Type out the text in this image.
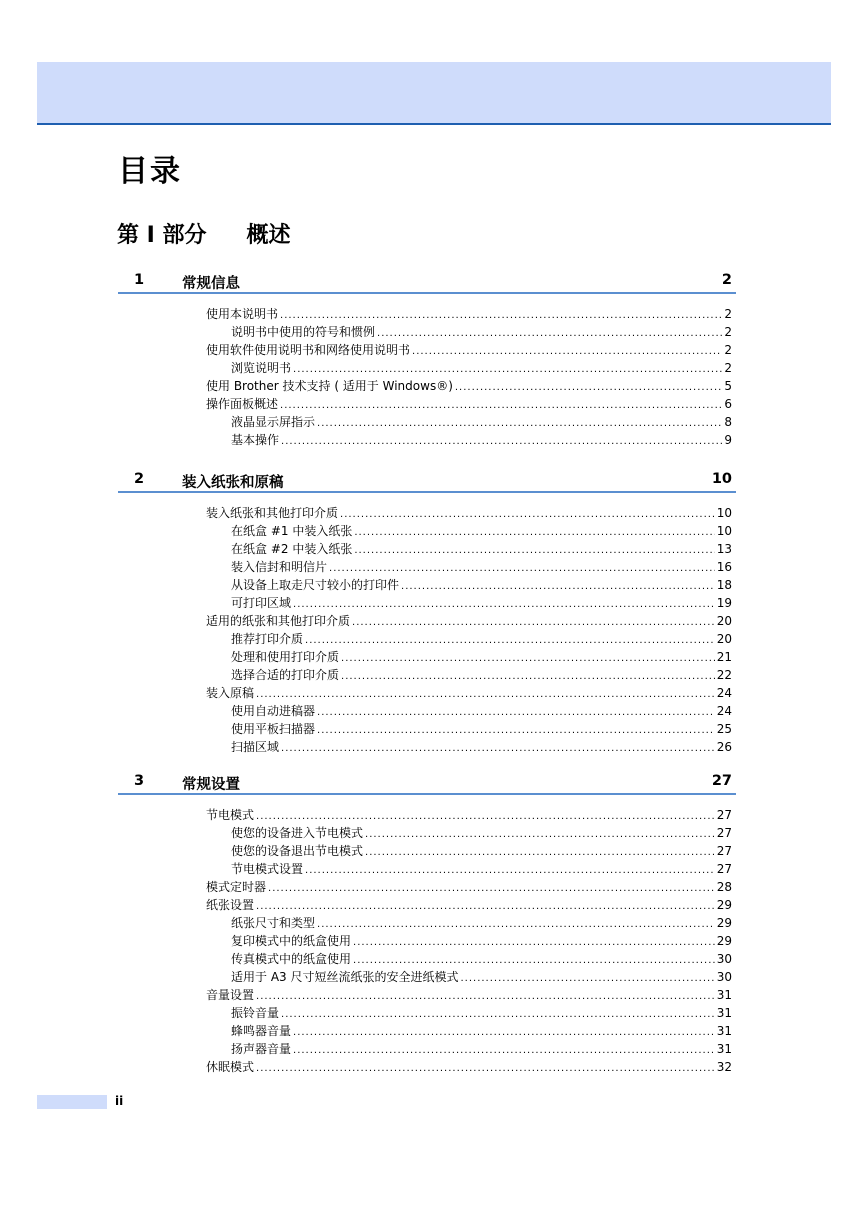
目录
第 I 部分 概述
1	常规信息	2
使用本说明书 .....	2
说明书中使用的符号和惯例 .....	2
使用软件使用说明书和网络使用说明书 .....	2
浏览说明书 .....	2
使用 Brother 技术支持 ( 适用于 Windows®) .....	5
操作面板概述 .....	6
液晶显示屏指示 .....	8
基本操作 .....	9
2	装入纸张和原稿	10
装入纸张和其他打印介质 .....	10
在纸盒 #1 中装入纸张 .....	10
在纸盒 #2 中装入纸张 .....	13
装入信封和明信片 .....	16
从设备上取走尺寸较小的打印件 .....	18
可打印区域 .....	19
适用的纸张和其他打印介质 .....	20
推荐打印介质 .....	20
处理和使用打印介质 .....	21
选择合适的打印介质 .....	22
装入原稿 .....	24
使用自动进稿器 .....	24
使用平板扫描器 .....	25
扫描区域 .....	26
3	常规设置	27
节电模式 .....	27
使您的设备进入节电模式 .....	27
使您的设备退出节电模式 .....	27
节电模式设置 .....	27
模式定时器 .....	28
纸张设置 .....	29
纸张尺寸和类型 .....	29
复印模式中的纸盒使用 .....	29
传真模式中的纸盒使用 .....	30
适用于 A3 尺寸短丝流纸张的安全进纸模式 .....	30
音量设置 .....	31
振铃音量 .....	31
蜂鸣器音量 .....	31
扬声器音量 .....	31
休眠模式 .....	32
ii
